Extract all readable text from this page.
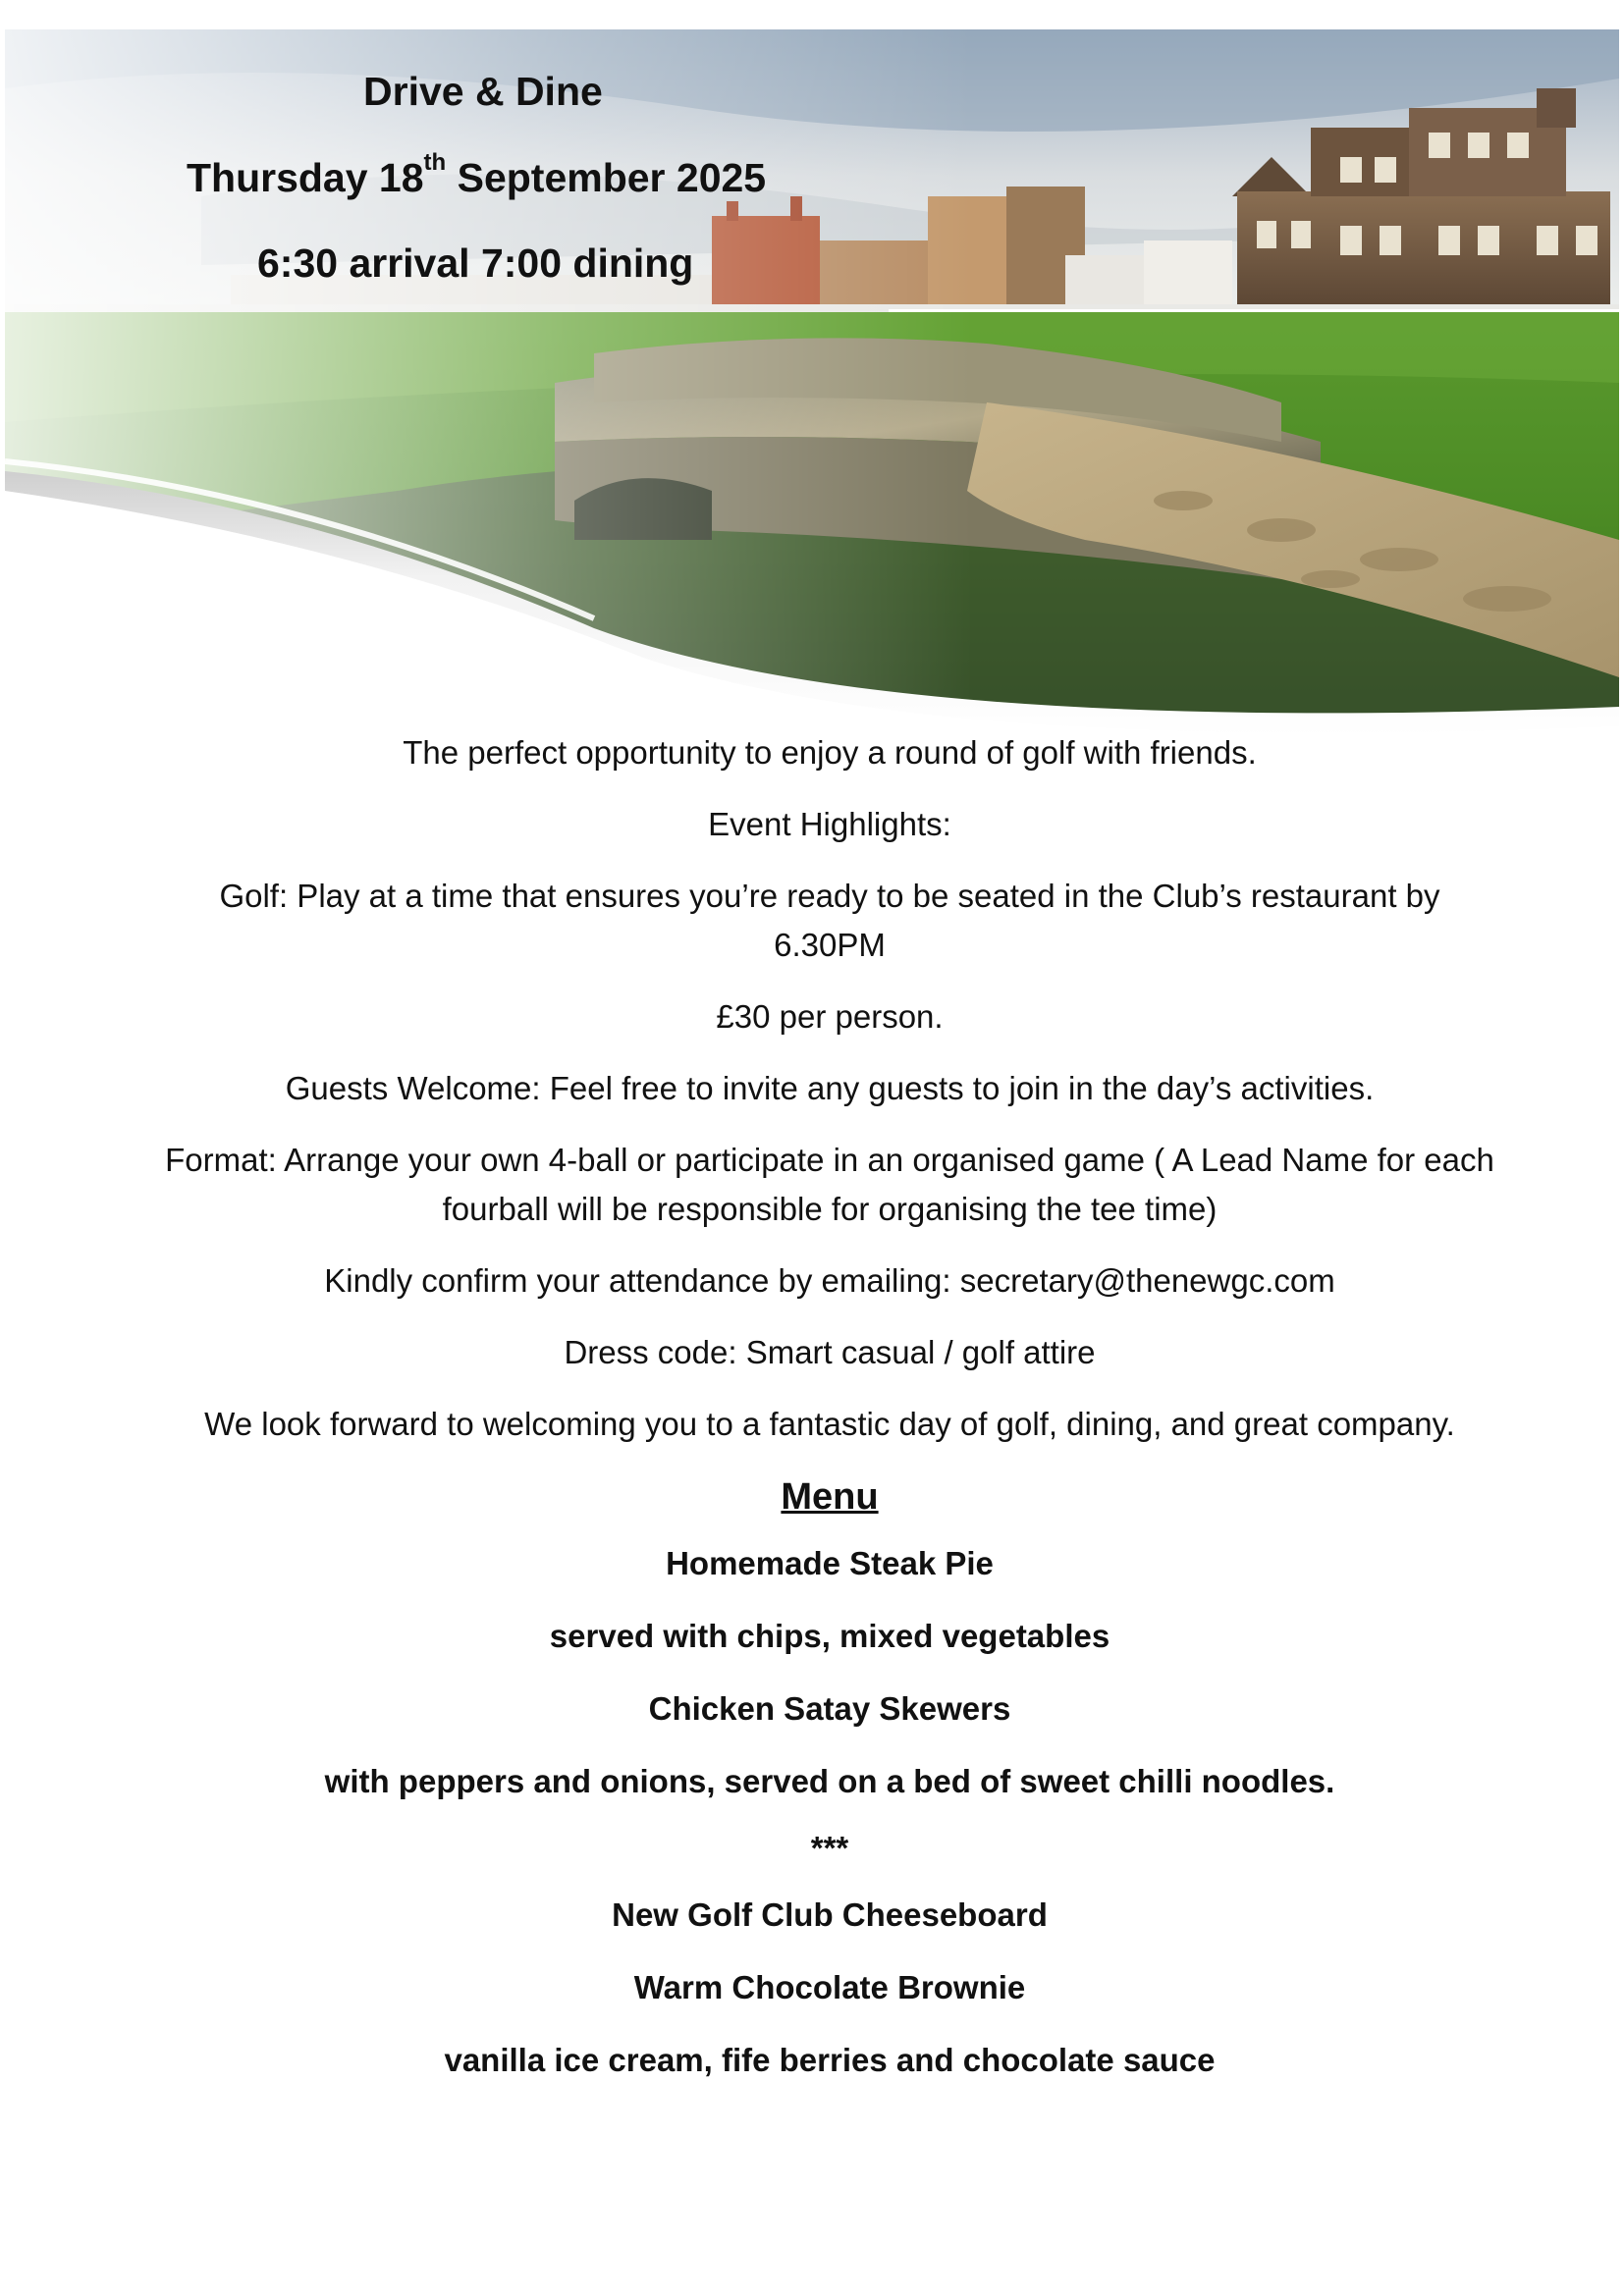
Drive & Dine
Thursday 18th September 2025
6:30 arrival 7:00 dining

The perfect opportunity to enjoy a round of golf with friends.

Event Highlights:

Golf: Play at a time that ensures you’re ready to be seated in the Club’s restaurant by 6.30PM

£30 per person.

Guests Welcome: Feel free to invite any guests to join in the day’s activities.

Format: Arrange your own 4-ball or participate in an organised game ( A Lead Name for each fourball will be responsible for organising the tee time)

Kindly confirm your attendance by emailing: secretary@thenewgc.com

Dress code: Smart casual / golf attire

We look forward to welcoming you to a fantastic day of golf, dining, and great company.

Menu

Homemade Steak Pie

served with chips, mixed vegetables

Chicken Satay Skewers

with peppers and onions, served on a bed of sweet chilli noodles.

***

New Golf Club Cheeseboard

Warm Chocolate Brownie

vanilla ice cream, fife berries and chocolate sauce
